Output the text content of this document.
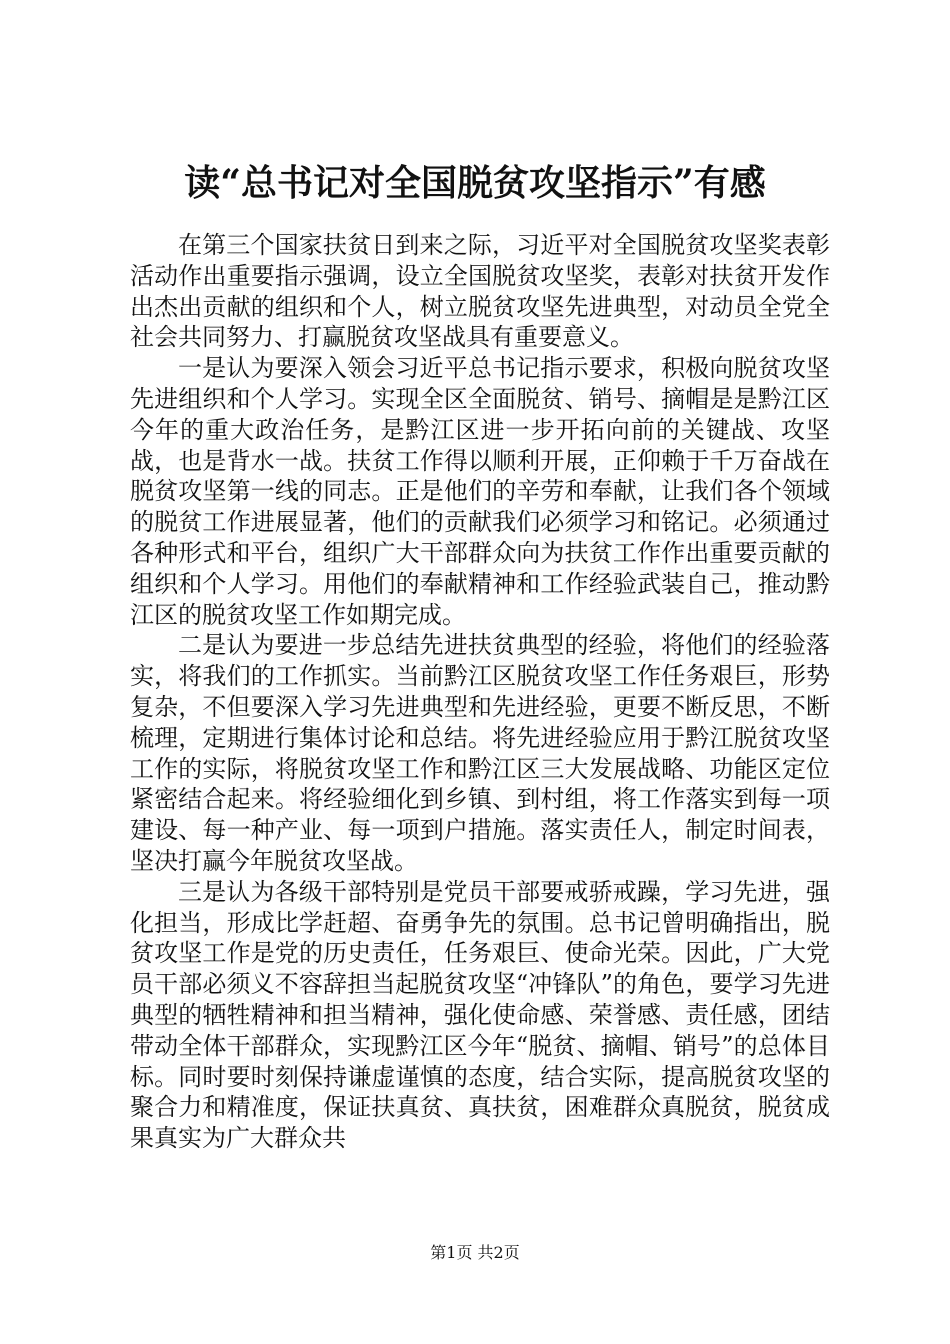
读“总书记对全国脱贫攻坚指示”有感

在第三个国家扶贫日到来之际，习近平对全国脱贫攻坚奖表彰活动作出重要指示强调，设立全国脱贫攻坚奖，表彰对扶贫开发作出杰出贡献的组织和个人，树立脱贫攻坚先进典型，对动员全党全社会共同努力、打赢脱贫攻坚战具有重要意义。

一是认为要深入领会习近平总书记指示要求，积极向脱贫攻坚先进组织和个人学习。实现全区全面脱贫、销号、摘帽是是黔江区今年的重大政治任务，是黔江区进一步开拓向前的关键战、攻坚战，也是背水一战。扶贫工作得以顺利开展，正仰赖于千万奋战在脱贫攻坚第一线的同志。正是他们的辛劳和奉献，让我们各个领域的脱贫工作进展显著，他们的贡献我们必须学习和铭记。必须通过各种形式和平台，组织广大干部群众向为扶贫工作作出重要贡献的组织和个人学习。用他们的奉献精神和工作经验武装自己，推动黔江区的脱贫攻坚工作如期完成。

二是认为要进一步总结先进扶贫典型的经验，将他们的经验落实，将我们的工作抓实。当前黔江区脱贫攻坚工作任务艰巨，形势复杂，不但要深入学习先进典型和先进经验，更要不断反思，不断梳理，定期进行集体讨论和总结。将先进经验应用于黔江脱贫攻坚工作的实际，将脱贫攻坚工作和黔江区三大发展战略、功能区定位紧密结合起来。将经验细化到乡镇、到村组，将工作落实到每一项建设、每一种产业、每一项到户措施。落实责任人，制定时间表，坚决打赢今年脱贫攻坚战。

三是认为各级干部特别是党员干部要戒骄戒躁，学习先进，强化担当，形成比学赶超、奋勇争先的氛围。总书记曾明确指出，脱贫攻坚工作是党的历史责任，任务艰巨、使命光荣。因此，广大党员干部必须义不容辞担当起脱贫攻坚“冲锋队”的角色，要学习先进典型的牺牲精神和担当精神，强化使命感、荣誉感、责任感，团结带动全体干部群众，实现黔江区今年“脱贫、摘帽、销号”的总体目标。同时要时刻保持谦虚谨慎的态度，结合实际，提高脱贫攻坚的聚合力和精准度，保证扶真贫、真扶贫，困难群众真脱贫，脱贫成果真实为广大群众共

第1页 共2页
